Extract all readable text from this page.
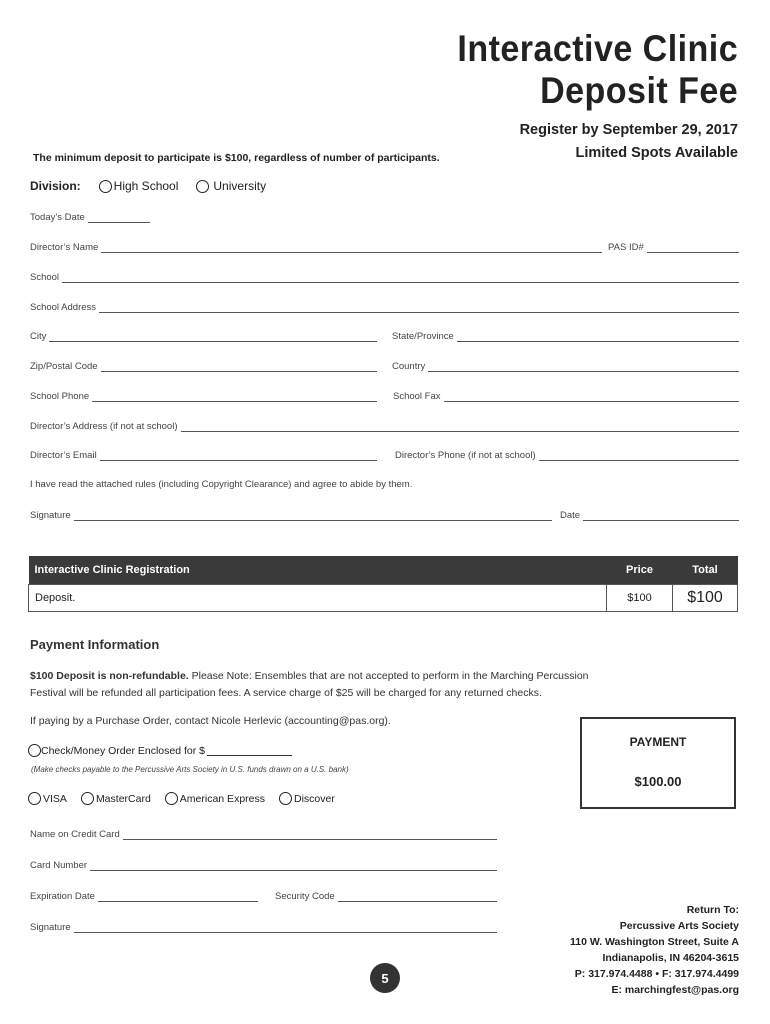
Interactive Clinic
Deposit Fee
Register by September 29, 2017
Limited Spots Available
The minimum deposit to participate is $100, regardless of number of participants.
Division:	High School	University
Today’s Date
Director’s Name	PAS ID#
School
School Address
City	State/Province
Zip/Postal Code	Country
School Phone	School Fax
Director’s Address (if not at school)
Director’s Email	Director’s Phone (if not at school)
I have read the attached rules (including Copyright Clearance) and agree to abide by them.
Signature	Date
Interactive Clinic Registration	Price	Total
Deposit.	$100	$100
Payment Information
$100 Deposit is non-refundable. Please Note: Ensembles that are not accepted to perform in the Marching Percussion Festival will be refunded all participation fees. A service charge of $25 will be charged for any returned checks.
If paying by a Purchase Order, contact Nicole Herlevic (accounting@pas.org).
Check/Money Order Enclosed for $
(Make checks payable to the Percussive Arts Society in U.S. funds drawn on a U.S. bank)
VISA	MasterCard	American Express	Discover
Name on Credit Card
Card Number
Expiration Date	Security Code
Signature
PAYMENT
$100.00
Return To:
Percussive Arts Society
110 W. Washington Street, Suite A
Indianapolis, IN 46204-3615
P: 317.974.4488 • F: 317.974.4499
E: marchingfest@pas.org
5
